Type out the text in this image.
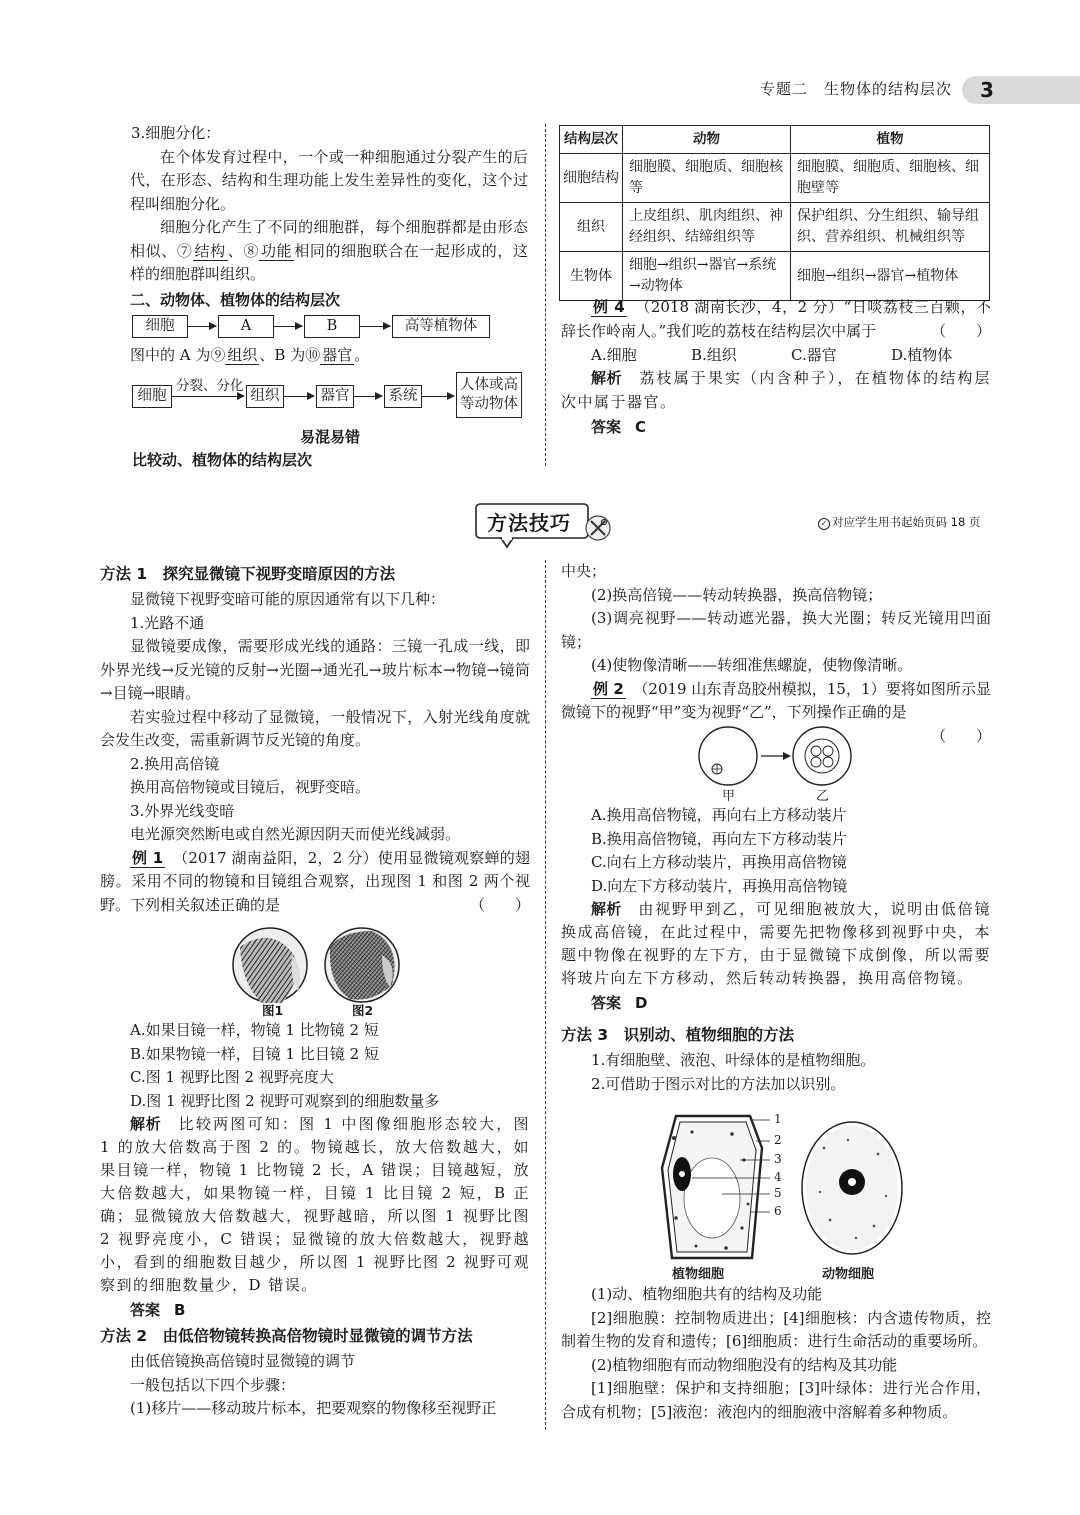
专题二　生物体的结构层次 3

3.细胞分化：

在个体发育过程中，一个或一种细胞通过分裂产生的后代，在形态、结构和生理功能上发生差异性的变化，这个过程叫细胞分化。

细胞分化产生了不同的细胞群，每个细胞群都是由形态相似、⑦ 结构 、⑧ 功能 相同的细胞联合在一起形成的，这样的细胞群叫组织。

二、动物体、植物体的结构层次

细胞	A	B	高等植物体

图中的 A 为⑨ 组织 、B 为⑩ 器官 。

细胞
分裂、分化
组织	器官	系统
人体或高等动物体
易混易错
比较动、植物体的结构层次
结构层次	动物	植物
细胞结构	细胞膜、细胞质、细胞核等	细胞膜、细胞质、细胞核、细胞壁等
组织	上皮组织、肌肉组织、神经组织、结缔组织等	保护组织、分生组织、输导组织、营养组织、机械组织等
生物体	细胞→组织→器官→系统→动物体	细胞→组织→器官→植物体

例 4　 （2018 湖南长沙，4，2 分）“日啖荔枝三百颗，不辞长作岭南人。”我们吃的荔枝在结构层次中属于	（　　）

A.细胞	B.组织	C.器官	D.植物体

解析　 荔枝属于果实（内含种子），在植物体的结构层次中属于器官。

答案 C

方法技巧	✓ 对应学生用书起始页码 18 页

方法 1　探究显微镜下视野变暗原因的方法

显微镜下视野变暗可能的原因通常有以下几种：

1.光路不通

显微镜要成像，需要形成光线的通路：三镜一孔成一线，即外界光线→反光镜的反射→光圈→通光孔→玻片标本→物镜→镜筒→目镜→眼睛。

若实验过程中移动了显微镜，一般情况下，入射光线角度就会发生改变，需重新调节反光镜的角度。

2.换用高倍镜

换用高倍物镜或目镜后，视野变暗。

3.外界光线变暗

电光源突然断电或自然光源因阴天而使光线减弱。

例 1　 （2017 湖南益阳，2，2 分）使用显微镜观察蝉的翅膀。采用不同的物镜和目镜组合观察，出现图 1 和图 2 两个视野。下列相关叙述正确的是	（　　）

图1	图2

A.如果目镜一样，物镜 1 比物镜 2 短

B.如果物镜一样，目镜 1 比目镜 2 短

C.图 1 视野比图 2 视野亮度大

D.图 1 视野比图 2 视野可观察到的细胞数量多

解析　 比较两图可知：图 1 中图像细胞形态较大，图 1 的放大倍数高于图 2 的。物镜越长，放大倍数越大，如果目镜一样，物镜 1 比物镜 2 长，A 错误；目镜越短，放大倍数越大，如果物镜一样，目镜 1 比目镜 2 短，B 正确；显微镜放大倍数越大，视野越暗，所以图 1 视野比图 2 视野亮度小，C 错误；显微镜的放大倍数越大，视野越小，看到的细胞数目越少，所以图 1 视野比图 2 视野可观察到的细胞数量少，D 错误。

答案 B

方法 2　由低倍物镜转换高倍物镜时显微镜的调节方法

由低倍镜换高倍镜时显微镜的调节

一般包括以下四个步骤：

(1)移片——移动玻片标本，把要观察的物像移至视野正

中央；

(2)换高倍镜——转动转换器，换高倍物镜；

(3)调亮视野——转动遮光器，换大光圈；转反光镜用凹面镜；

(4)使物像清晰——转细准焦螺旋，使物像清晰。

例 2　 （2019 山东青岛胶州模拟，15，1）要将如图所示显微镜下的视野“甲”变为视野“乙”，下列操作正确的是
（　　）

甲	乙

A.换用高倍物镜，再向右上方移动装片

B.换用高倍物镜，再向左下方移动装片

C.向右上方移动装片，再换用高倍物镜

D.向左下方移动装片，再换用高倍物镜

解析　 由视野甲到乙，可见细胞被放大，说明由低倍镜换成高倍镜，在此过程中，需要先把物像移到视野中央，本题中物像在视野的左下方，由于显微镜下成倒像，所以需要将玻片向左下方移动，然后转动转换器，换用高倍物镜。

答案 D

方法 3　识别动、植物细胞的方法

1.有细胞壁、液泡、叶绿体的是植物细胞。

2.可借助于图示对比的方法加以识别。

1
2
3
4
5
6
植物细胞	动物细胞

(1)动、植物细胞共有的结构及功能

[2]细胞膜：控制物质进出；[4]细胞核：内含遗传物质，控制着生物的发育和遗传；[6]细胞质：进行生命活动的重要场所。

(2)植物细胞有而动物细胞没有的结构及其功能

[1]细胞壁：保护和支持细胞；[3]叶绿体：进行光合作用，合成有机物；[5]液泡：液泡内的细胞液中溶解着多种物质。
